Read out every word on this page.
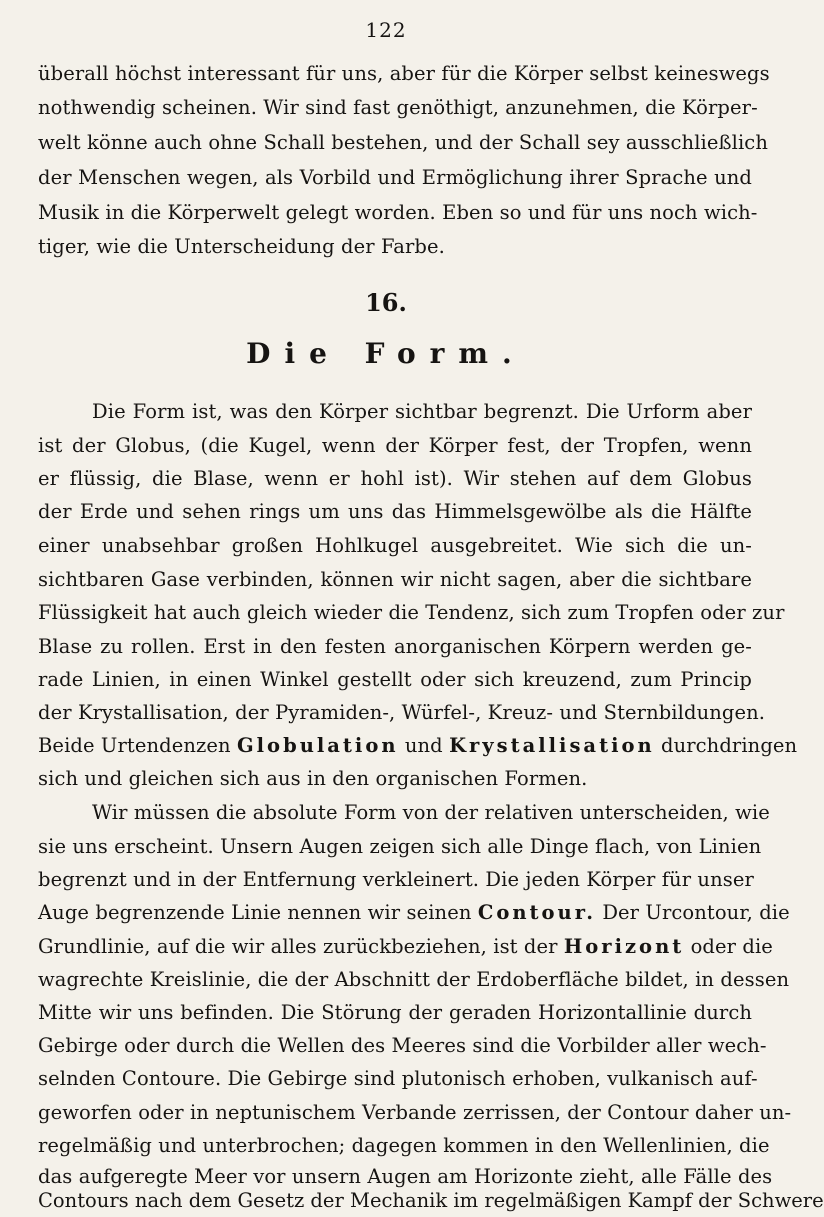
122
überall höchst interessant für uns, aber für die Körper selbst keineswegs
nothwendig scheinen. Wir sind fast genöthigt, anzunehmen, die Körper-
welt könne auch ohne Schall bestehen, und der Schall sey ausschließlich
der Menschen wegen, als Vorbild und Ermöglichung ihrer Sprache und
Musik in die Körperwelt gelegt worden. Eben so und für uns noch wich-
tiger, wie die Unterscheidung der Farbe.
16.
Die Form.
Die Form ist, was den Körper sichtbar begrenzt. Die Urform aber
ist der Globus, (die Kugel, wenn der Körper fest, der Tropfen, wenn
er flüssig, die Blase, wenn er hohl ist). Wir stehen auf dem Globus
der Erde und sehen rings um uns das Himmelsgewölbe als die Hälfte
einer unabsehbar großen Hohlkugel ausgebreitet. Wie sich die un-
sichtbaren Gase verbinden, können wir nicht sagen, aber die sichtbare
Flüssigkeit hat auch gleich wieder die Tendenz, sich zum Tropfen oder zur
Blase zu rollen. Erst in den festen anorganischen Körpern werden ge-
rade Linien, in einen Winkel gestellt oder sich kreuzend, zum Princip
der Krystallisation, der Pyramiden-, Würfel-, Kreuz- und Sternbildungen.
Beide Urtendenzen Globulation und Krystallisation durchdringen
sich und gleichen sich aus in den organischen Formen.
Wir müssen die absolute Form von der relativen unterscheiden, wie
sie uns erscheint. Unsern Augen zeigen sich alle Dinge flach, von Linien
begrenzt und in der Entfernung verkleinert. Die jeden Körper für unser
Auge begrenzende Linie nennen wir seinen Contour. Der Urcontour, die
Grundlinie, auf die wir alles zurückbeziehen, ist der Horizont oder die
wagrechte Kreislinie, die der Abschnitt der Erdoberfläche bildet, in dessen
Mitte wir uns befinden. Die Störung der geraden Horizontallinie durch
Gebirge oder durch die Wellen des Meeres sind die Vorbilder aller wech-
selnden Contoure. Die Gebirge sind plutonisch erhoben, vulkanisch auf-
geworfen oder in neptunischem Verbande zerrissen, der Contour daher un-
regelmäßig und unterbrochen; dagegen kommen in den Wellenlinien, die
das aufgeregte Meer vor unsern Augen am Horizonte zieht, alle Fälle des
Contours nach dem Gesetz der Mechanik im regelmäßigen Kampf der Schwere
